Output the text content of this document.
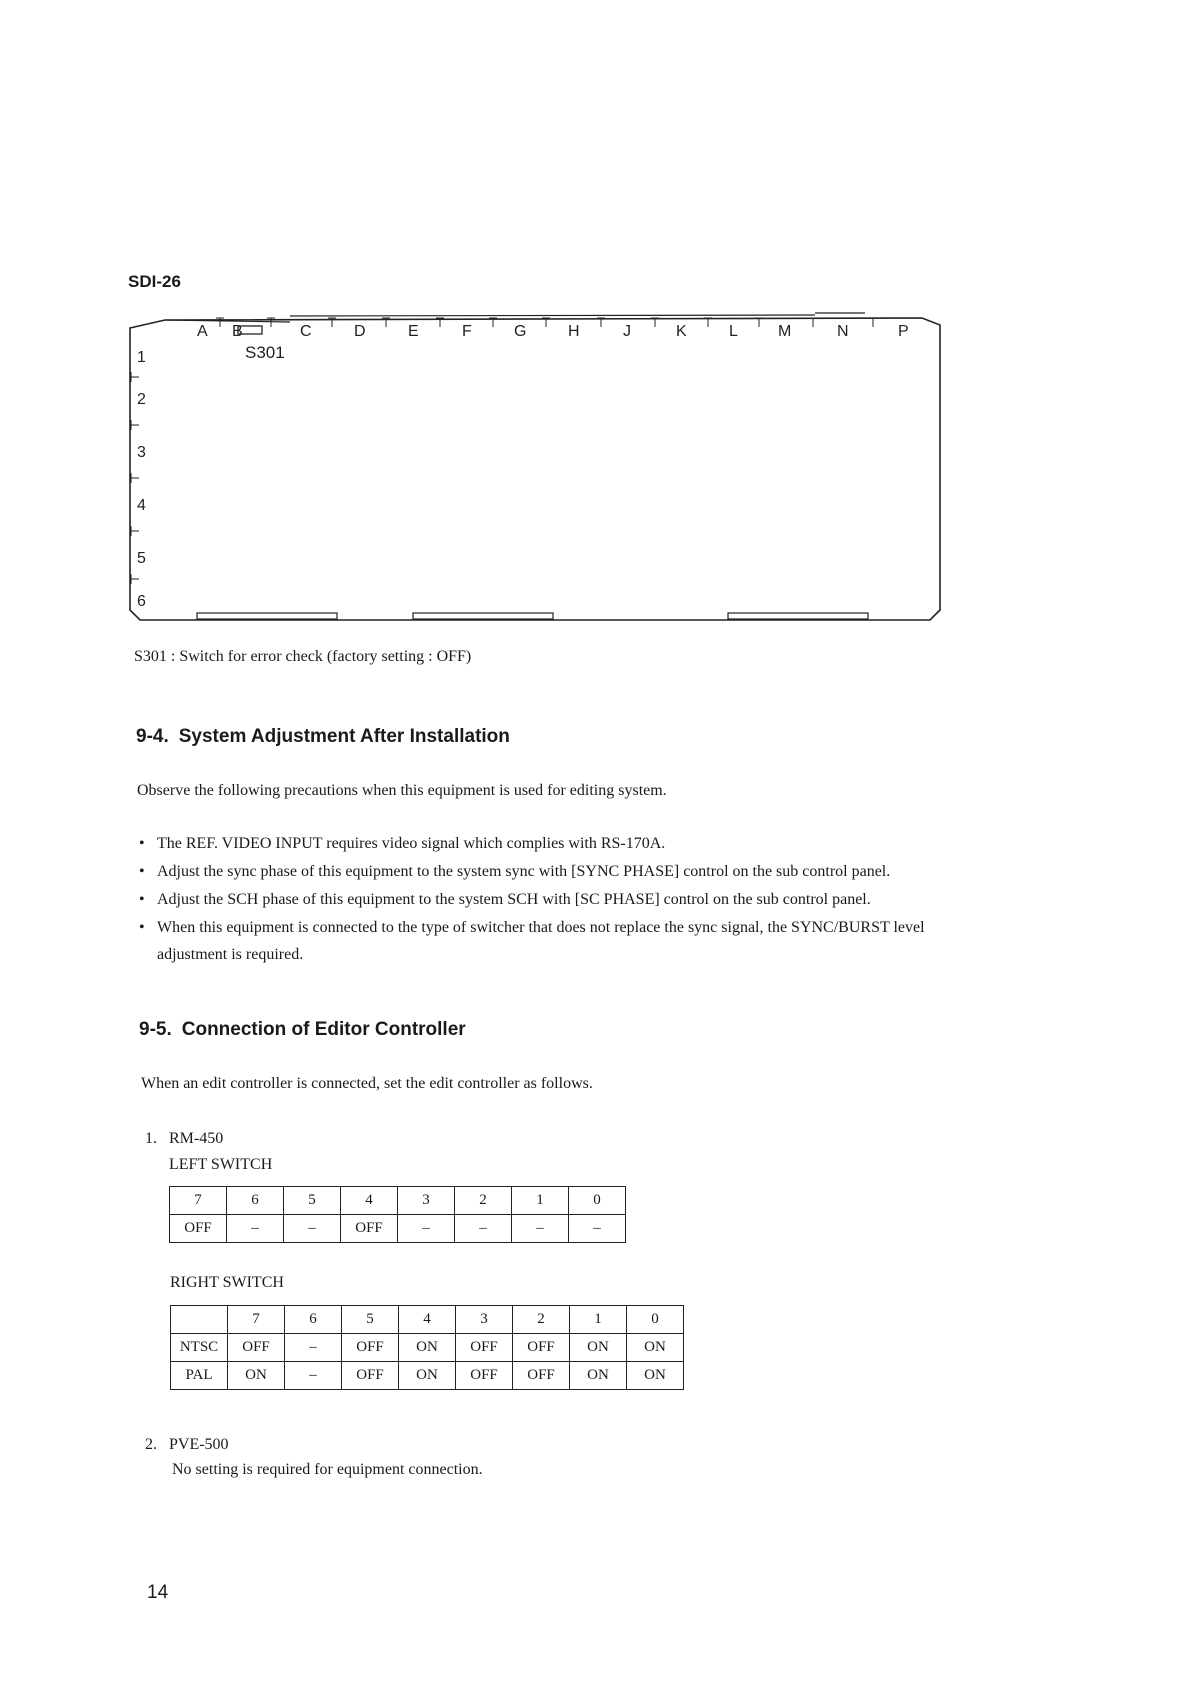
SDI-26
A B	C	D	E	F	G	H	J	K	L	M	N	P
1
2
3
4
5
6
S301
S301 : Switch for error check (factory setting : OFF)
9-4. System Adjustment After Installation
Observe the following precautions when this equipment is used for editing system.
• The REF. VIDEO INPUT requires video signal which complies with RS-170A.
• Adjust the sync phase of this equipment to the system sync with [SYNC PHASE] control on the sub control panel.
• Adjust the SCH phase of this equipment to the system SCH with [SC PHASE] control on the sub control panel.
• When this equipment is connected to the type of switcher that does not replace the sync signal, the SYNC/BURST level adjustment is required.
9-5. Connection of Editor Controller
When an edit controller is connected, set the edit controller as follows.
1. RM-450
LEFT SWITCH
7	6	5	4	3	2	1	0
OFF	–	–	OFF	–	–	–	–
RIGHT SWITCH
	7	6	5	4	3	2	1	0
NTSC	OFF	–	OFF	ON	OFF	OFF	ON	ON
PAL	ON	–	OFF	ON	OFF	OFF	ON	ON
2. PVE-500
No setting is required for equipment connection.
14
